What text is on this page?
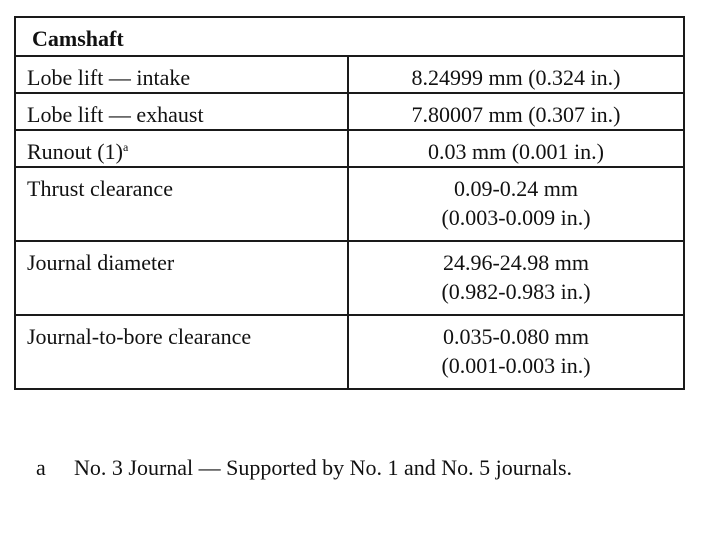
Camshaft	
Lobe lift — intake	8.24999 mm (0.324 in.)

Lobe lift — exhaust	7.80007 mm (0.307 in.)

Runout (1)$^a$	0.03 mm (0.001 in.)

Thrust clearance	0.09-0.24 mm
(0.003-0.009 in.)

Journal diameter	24.96-24.98 mm
(0.982-0.983 in.)

Journal-to-bore clearance	0.035-0.080 mm
(0.001-0.003 in.)
a No. 3 Journal — Supported by No. 1 and No. 5 journals.
